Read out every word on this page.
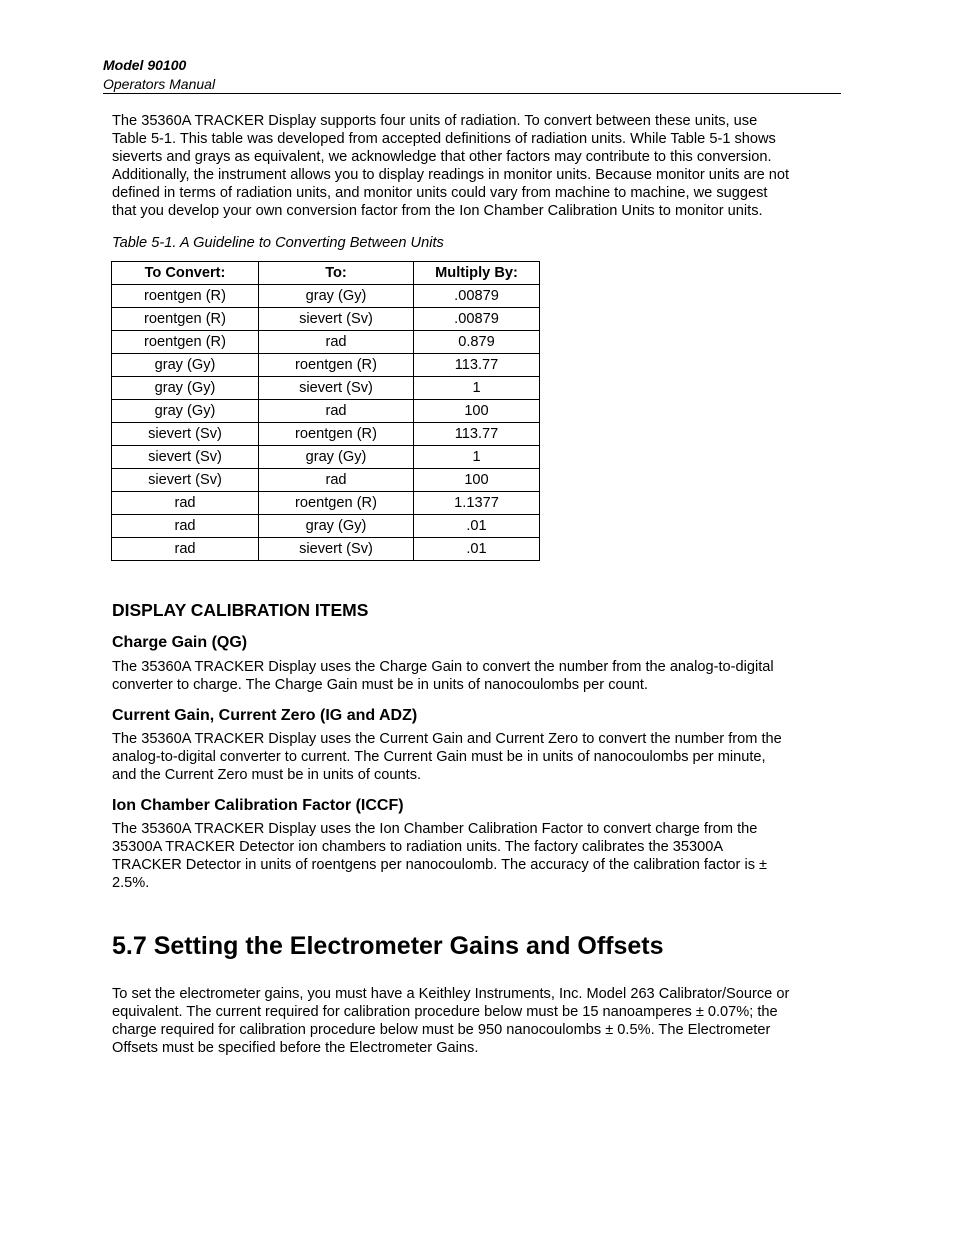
Model 90100
Operators Manual
The 35360A TRACKER Display supports four units of radiation. To convert between these units, use
Table 5-1. This table was developed from accepted definitions of radiation units. While Table 5-1 shows
sieverts and grays as equivalent, we acknowledge that other factors may contribute to this conversion.
Additionally, the instrument allows you to display readings in monitor units. Because monitor units are not
defined in terms of radiation units, and monitor units could vary from machine to machine, we suggest
that you develop your own conversion factor from the Ion Chamber Calibration Units to monitor units.
Table 5-1. A Guideline to Converting Between Units
To Convert:	To:	Multiply By:
roentgen (R)	gray (Gy)	.00879
roentgen (R)	sievert (Sv)	.00879
roentgen (R)	rad	0.879
gray (Gy)	roentgen (R)	113.77
gray (Gy)	sievert (Sv)	1
gray (Gy)	rad	100
sievert (Sv)	roentgen (R)	113.77
sievert (Sv)	gray (Gy)	1
sievert (Sv)	rad	100
rad	roentgen (R)	1.1377
rad	gray (Gy)	.01
rad	sievert (Sv)	.01
DISPLAY CALIBRATION ITEMS
Charge Gain (QG)
The 35360A TRACKER Display uses the Charge Gain to convert the number from the analog-to-digital
converter to charge. The Charge Gain must be in units of nanocoulombs per count.
Current Gain, Current Zero (IG and ADZ)
The 35360A TRACKER Display uses the Current Gain and Current Zero to convert the number from the
analog-to-digital converter to current. The Current Gain must be in units of nanocoulombs per minute,
and the Current Zero must be in units of counts.
Ion Chamber Calibration Factor (ICCF)
The 35360A TRACKER Display uses the Ion Chamber Calibration Factor to convert charge from the
35300A TRACKER Detector ion chambers to radiation units. The factory calibrates the 35300A
TRACKER Detector in units of roentgens per nanocoulomb. The accuracy of the calibration factor is ±
2.5%.
5.7 Setting the Electrometer Gains and Offsets
To set the electrometer gains, you must have a Keithley Instruments, Inc. Model 263 Calibrator/Source or
equivalent. The current required for calibration procedure below must be 15 nanoamperes ± 0.07%; the
charge required for calibration procedure below must be 950 nanocoulombs ± 0.5%. The Electrometer
Offsets must be specified before the Electrometer Gains.
